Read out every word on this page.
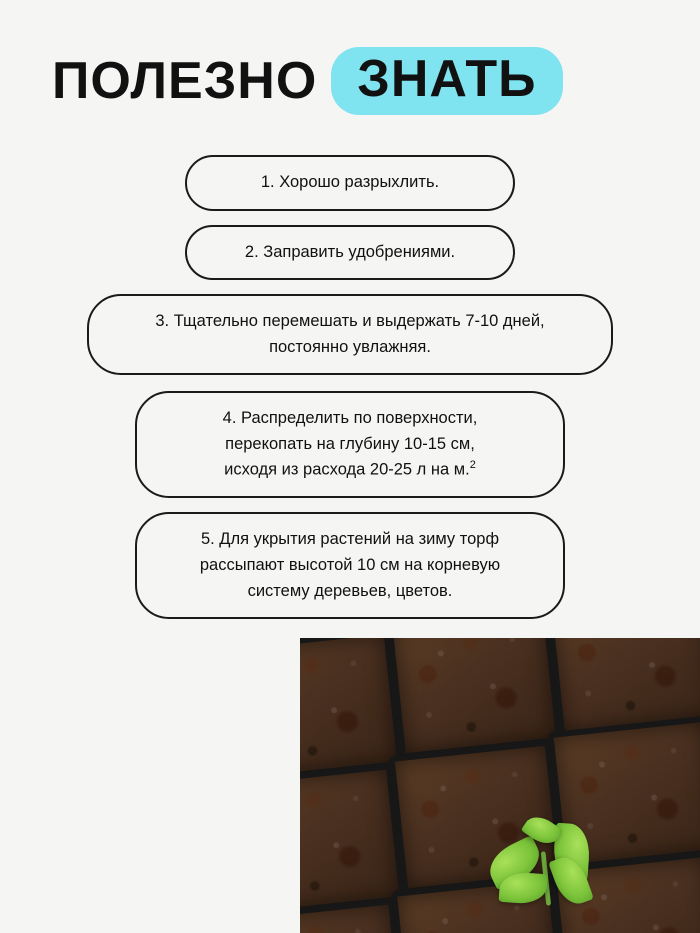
ПОЛЕЗНО ЗНАТЬ

1. Хорошо разрыхлить.

2. Заправить удобрениями.

3. Тщательно перемешать и выдержать 7-10 дней,

постоянно увлажняя.

4. Распределить по поверхности,

перекопать на глубину 10-15 см,

исходя из расхода 20-25 л на м.$^2$

5. Для укрытия растений на зиму торф

рассыпают высотой 10 см на корневую

систему деревьев, цветов.
